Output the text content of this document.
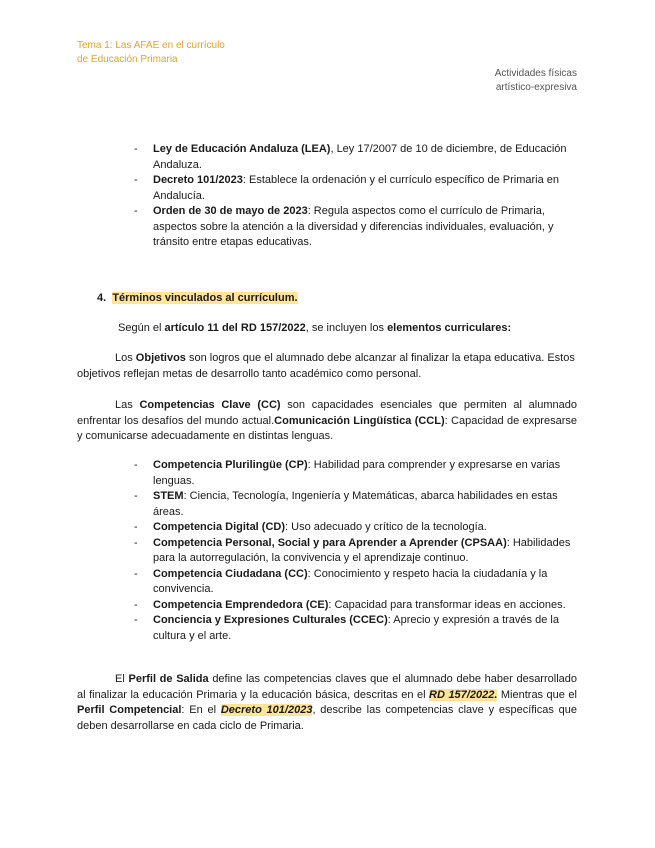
Tema 1: Las AFAE en el currículo
de Educación Primaria
Actividades físicas
artístico-expresiva
- Ley de Educación Andaluza (LEA), Ley 17/2007 de 10 de diciembre, de Educación Andaluza.
- Decreto 101/2023: Establece la ordenación y el currículo específico de Primaria en Andalucía.
- Orden de 30 de mayo de 2023: Regula aspectos como el currículo de Primaria, aspectos sobre la atención a la diversidad y diferencias individuales, evaluación, y tránsito entre etapas educativas.
4. Términos vinculados al currículum.
Según el artículo 11 del RD 157/2022, se incluyen los elementos curriculares:
Los Objetivos son logros que el alumnado debe alcanzar al finalizar la etapa educativa. Estos objetivos reflejan metas de desarrollo tanto académico como personal.
Las Competencias Clave (CC) son capacidades esenciales que permiten al alumnado enfrentar los desafíos del mundo actual.Comunicación Lingüística (CCL): Capacidad de expresarse y comunicarse adecuadamente en distintas lenguas.
- Competencia Plurilingüe (CP): Habilidad para comprender y expresarse en varias lenguas.
- STEM: Ciencia, Tecnología, Ingeniería y Matemáticas, abarca habilidades en estas áreas.
- Competencia Digital (CD): Uso adecuado y crítico de la tecnología.
- Competencia Personal, Social y para Aprender a Aprender (CPSAA): Habilidades para la autorregulación, la convivencia y el aprendizaje continuo.
- Competencia Ciudadana (CC): Conocimiento y respeto hacia la ciudadanía y la convivencia.
- Competencia Emprendedora (CE): Capacidad para transformar ideas en acciones.
- Conciencia y Expresiones Culturales (CCEC): Aprecio y expresión a través de la cultura y el arte.
El Perfil de Salida define las competencias claves que el alumnado debe haber desarrollado al finalizar la educación Primaria y la educación básica, descritas en el RD 157/2022. Mientras que el Perfil Competencial: En el Decreto 101/2023, describe las competencias clave y específicas que deben desarrollarse en cada ciclo de Primaria.
